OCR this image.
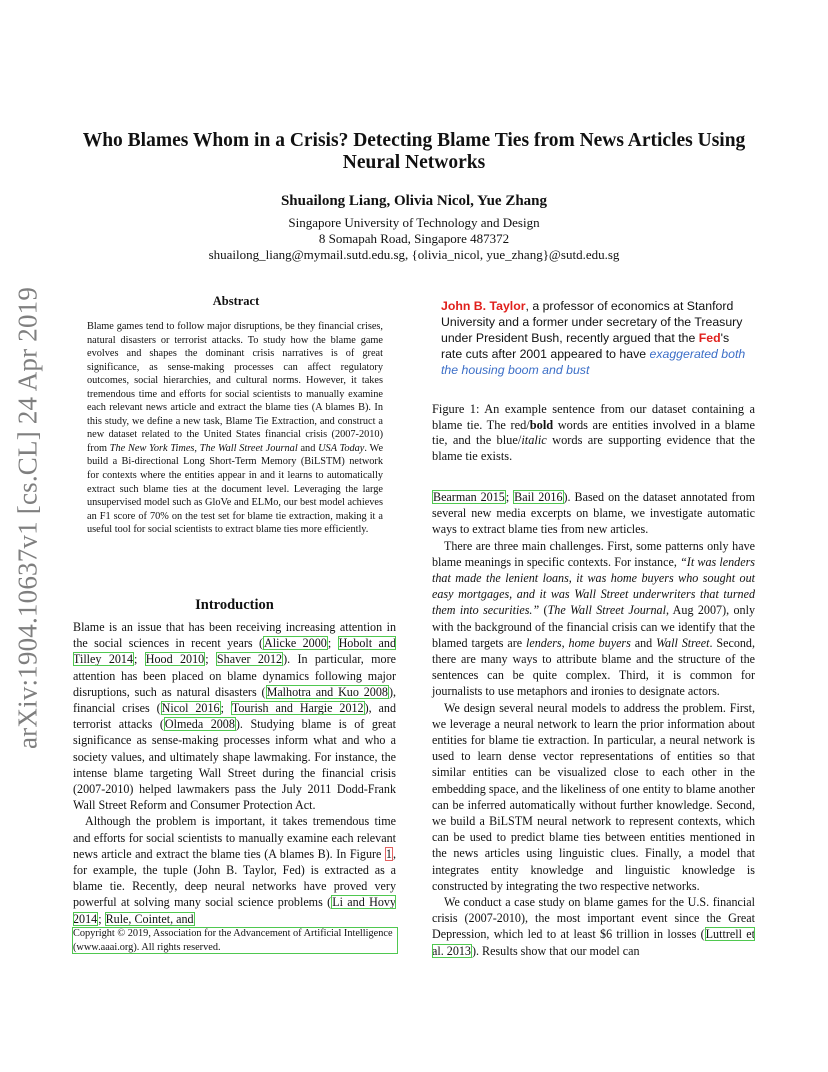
arXiv:1904.10637v1 [cs.CL] 24 Apr 2019
Who Blames Whom in a Crisis? Detecting Blame Ties from News Articles Using Neural Networks
Shuailong Liang, Olivia Nicol, Yue Zhang
Singapore University of Technology and Design
8 Somapah Road, Singapore 487372
shuailong_liang@mymail.sutd.edu.sg, {olivia_nicol, yue_zhang}@sutd.edu.sg
Abstract
Blame games tend to follow major disruptions, be they financial crises, natural disasters or terrorist attacks. To study how the blame game evolves and shapes the dominant crisis narratives is of great significance, as sense-making processes can affect regulatory outcomes, social hierarchies, and cultural norms. However, it takes tremendous time and efforts for social scientists to manually examine each relevant news article and extract the blame ties (A blames B). In this study, we define a new task, Blame Tie Extraction, and construct a new dataset related to the United States financial crisis (2007-2010) from The New York Times, The Wall Street Journal and USA Today. We build a Bi-directional Long Short-Term Memory (BiLSTM) network for contexts where the entities appear in and it learns to automatically extract such blame ties at the document level. Leveraging the large unsupervised model such as GloVe and ELMo, our best model achieves an F1 score of 70% on the test set for blame tie extraction, making it a useful tool for social scientists to extract blame ties more efficiently.
Introduction

Blame is an issue that has been receiving increasing attention in the social sciences in recent years (Alicke 2000; Hobolt and Tilley 2014; Hood 2010; Shaver 2012). In particular, more attention has been placed on blame dynamics following major disruptions, such as natural disasters (Malhotra and Kuo 2008), financial crises (Nicol 2016; Tourish and Hargie 2012), and terrorist attacks (Olmeda 2008). Studying blame is of great significance as sense-making processes inform what and who a society values, and ultimately shape lawmaking. For instance, the intense blame targeting Wall Street during the financial crisis (2007-2010) helped lawmakers pass the July 2011 Dodd-Frank Wall Street Reform and Consumer Protection Act.

Although the problem is important, it takes tremendous time and efforts for social scientists to manually examine each relevant news article and extract the blame ties (A blames B). In Figure 1, for example, the tuple (John B. Taylor, Fed) is extracted as a blame tie. Recently, deep neural networks have proved very powerful at solving many social science problems (Li and Hovy 2014; Rule, Cointet, and

Copyright © 2019, Association for the Advancement of Artificial Intelligence (www.aaai.org). All rights reserved.
John B. Taylor, a professor of economics at Stanford University and a former under secretary of the Treasury under President Bush, recently argued that the Fed's rate cuts after 2001 appeared to have exaggerated both the housing boom and bust
Figure 1: An example sentence from our dataset containing a blame tie. The red/bold words are entities involved in a blame tie, and the blue/italic words are supporting evidence that the blame tie exists.

Bearman 2015; Bail 2016). Based on the dataset annotated from several new media excerpts on blame, we investigate automatic ways to extract blame ties from new articles.

There are three main challenges. First, some patterns only have blame meanings in specific contexts. For instance, “It was lenders that made the lenient loans, it was home buyers who sought out easy mortgages, and it was Wall Street underwriters that turned them into securities.” (The Wall Street Journal, Aug 2007), only with the background of the financial crisis can we identify that the blamed targets are lenders, home buyers and Wall Street. Second, there are many ways to attribute blame and the structure of the sentences can be quite complex. Third, it is common for journalists to use metaphors and ironies to designate actors.

We design several neural models to address the problem. First, we leverage a neural network to learn the prior information about entities for blame tie extraction. In particular, a neural network is used to learn dense vector representations of entities so that similar entities can be visualized close to each other in the embedding space, and the likeliness of one entity to blame another can be inferred automatically without further knowledge. Second, we build a BiLSTM neural network to represent contexts, which can be used to predict blame ties between entities mentioned in the news articles using linguistic clues. Finally, a model that integrates entity knowledge and linguistic knowledge is constructed by integrating the two respective networks.

We conduct a case study on blame games for the U.S. financial crisis (2007-2010), the most important event since the Great Depression, which led to at least $6 trillion in losses (Luttrell et al. 2013). Results show that our model can
